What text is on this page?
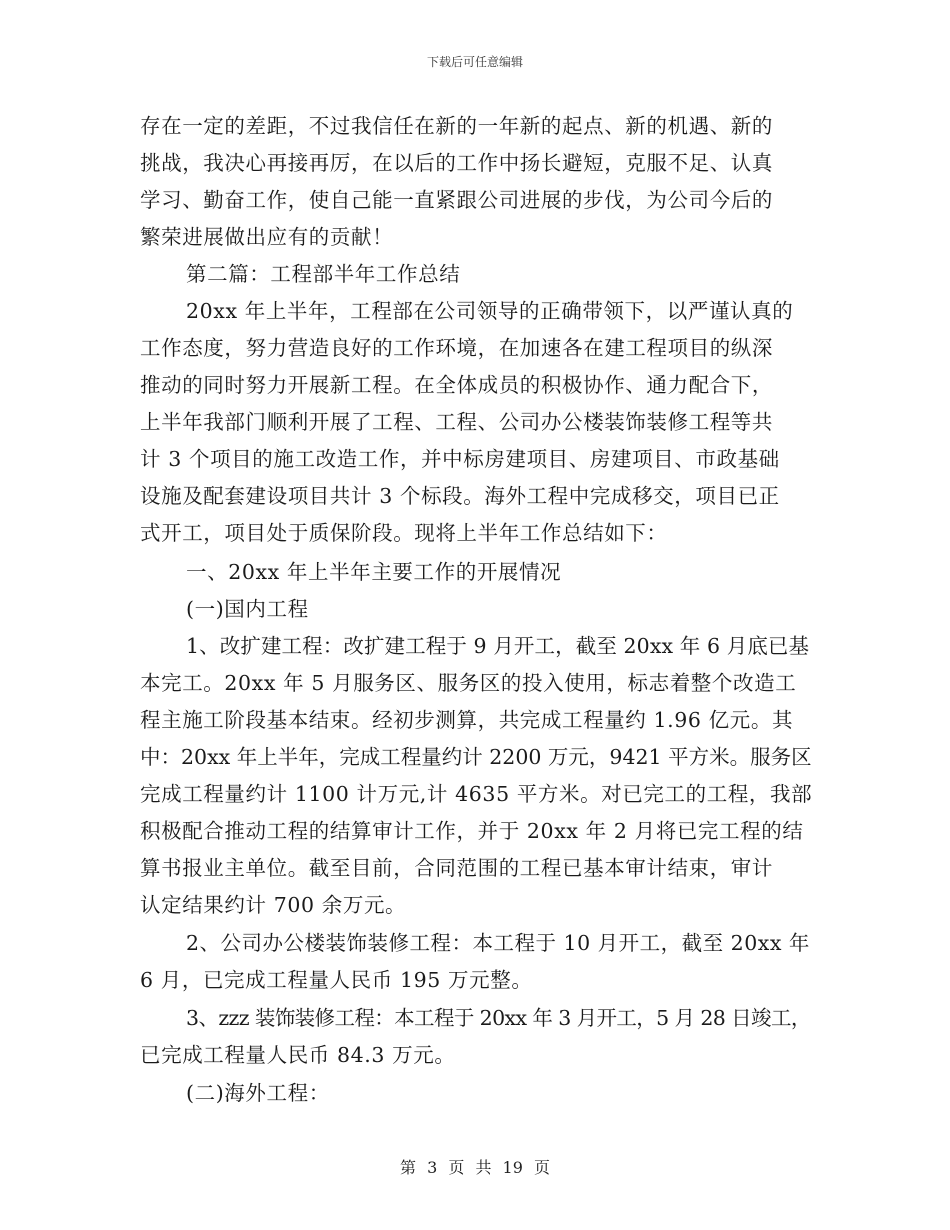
下载后可任意编辑
存在一定的差距，不过我信任在新的一年新的起点、新的机遇、新的
挑战，我决心再接再厉，在以后的工作中扬长避短，克服不足、认真
学习、勤奋工作，使自己能一直紧跟公司进展的步伐，为公司今后的
繁荣进展做出应有的贡献！
第二篇：工程部半年工作总结
20xx 年上半年，工程部在公司领导的正确带领下，以严谨认真的
工作态度，努力营造良好的工作环境，在加速各在建工程项目的纵深
推动的同时努力开展新工程。在全体成员的积极协作、通力配合下，
上半年我部门顺利开展了工程、工程、公司办公楼装饰装修工程等共
计 3 个项目的施工改造工作，并中标房建项目、房建项目、市政基础
设施及配套建设项目共计 3 个标段。海外工程中完成移交，项目已正
式开工，项目处于质保阶段。现将上半年工作总结如下：
一、20xx 年上半年主要工作的开展情况
(一)国内工程
1、改扩建工程：改扩建工程于 9 月开工，截至 20xx 年 6 月底已基
本完工。20xx 年 5 月服务区、服务区的投入使用，标志着整个改造工
程主施工阶段基本结束。经初步测算，共完成工程量约 1.96 亿元。其
中：20xx 年上半年，完成工程量约计 2200 万元，9421 平方米。服务区
完成工程量约计 1100 计万元,计 4635 平方米。对已完工的工程，我部
积极配合推动工程的结算审计工作，并于 20xx 年 2 月将已完工程的结
算书报业主单位。截至目前，合同范围的工程已基本审计结束，审计
认定结果约计 700 余万元。
2、公司办公楼装饰装修工程：本工程于 10 月开工，截至 20xx 年
6 月，已完成工程量人民币 195 万元整。
3、zzz 装饰装修工程：本工程于 20xx 年 3 月开工，5 月 28 日竣工，
已完成工程量人民币 84.3 万元。
(二)海外工程：
第 3 页 共 19 页
